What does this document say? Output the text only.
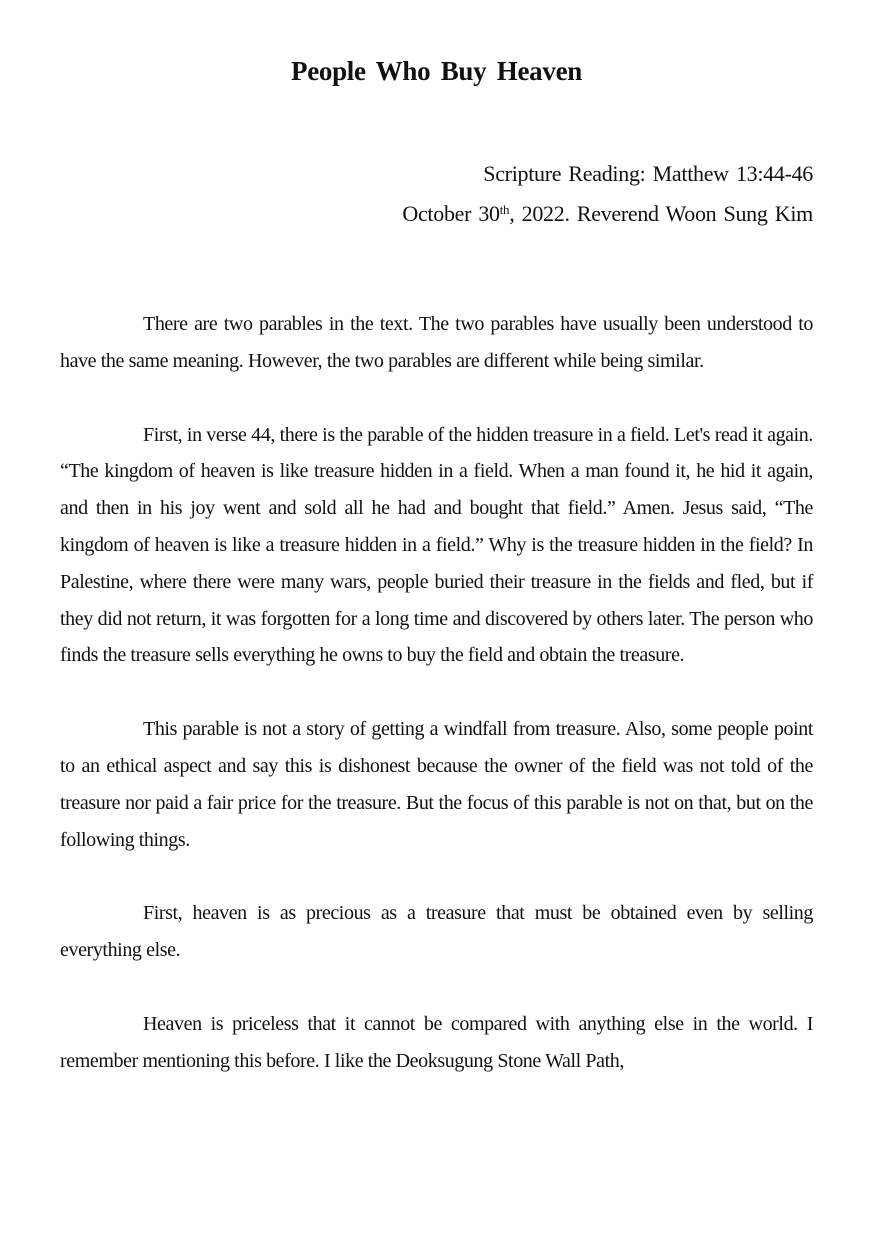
People Who Buy Heaven
Scripture Reading: Matthew 13:44-46
October 30th, 2022. Reverend Woon Sung Kim

There are two parables in the text. The two parables have usually been understood to have the same meaning. However, the two parables are different while being similar.

First, in verse 44, there is the parable of the hidden treasure in a field. Let's read it again. “The kingdom of heaven is like treasure hidden in a field. When a man found it, he hid it again, and then in his joy went and sold all he had and bought that field.” Amen. Jesus said, “The kingdom of heaven is like a treasure hidden in a field.” Why is the treasure hidden in the field? In Palestine, where there were many wars, people buried their treasure in the fields and fled, but if they did not return, it was forgotten for a long time and discovered by others later. The person who finds the treasure sells everything he owns to buy the field and obtain the treasure.

This parable is not a story of getting a windfall from treasure. Also, some people point to an ethical aspect and say this is dishonest because the owner of the field was not told of the treasure nor paid a fair price for the treasure. But the focus of this parable is not on that, but on the following things.

First, heaven is as precious as a treasure that must be obtained even by selling everything else.

Heaven is priceless that it cannot be compared with anything else in the world. I remember mentioning this before. I like the Deoksugung Stone Wall Path,
